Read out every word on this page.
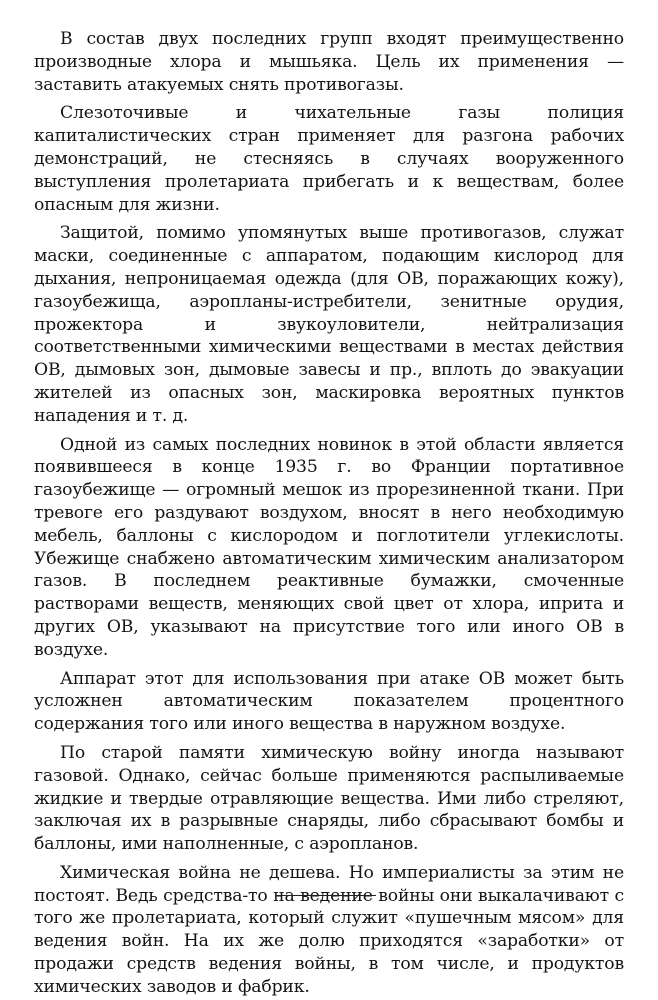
В состав двух последних групп входят преимущественно производные хлора и мышьяка. Цель их применения — заставить атакуемых снять противогазы.

Слезоточивые и чихательные газы полиция капиталистических стран применяет для разгона рабочих демонстраций, не стесняясь в случаях вооруженного выступления пролетариата прибегать и к веществам, более опасным для жизни.

Защитой, помимо упомянутых выше противогазов, служат маски, соединенные с аппаратом, подающим кислород для дыхания, непроницаемая одежда (для ОВ, поражающих кожу), газоубежища, аэропланы-истребители, зенитные орудия, прожектора и звукоуловители, нейтрализация соответственными химическими веществами в местах действия ОВ, дымовых зон, дымовые завесы и пр., вплоть до эвакуации жителей из опасных зон, маскировка вероятных пунктов нападения и т. д.

Одной из самых последних новинок в этой области является появившееся в конце 1935 г. во Франции портативное газоубежище — огромный мешок из прорезиненной ткани. При тревоге его раздувают воздухом, вносят в него необходимую мебель, баллоны с кислородом и поглотители углекислоты. Убежище снабжено автоматическим химическим анализатором газов. В последнем реактивные бумажки, смоченные растворами веществ, меняющих свой цвет от хлора, иприта и других ОВ, указывают на присутствие того или иного ОВ в воздухе.

Аппарат этот для использования при атаке ОВ может быть усложнен автоматическим показателем процентного содержания того или иного вещества в наружном воздухе.

По старой памяти химическую войну иногда называют газовой. Однако, сейчас больше применяются распыливаемые жидкие и твердые отравляющие вещества. Ими либо стреляют, заключая их в разрывные снаряды, либо сбрасывают бомбы и баллоны, ими наполненные, с аэропланов.

Химическая война не дешева. Но империалисты за этим не постоят. Ведь средства-то на ведение войны они выкалачивают с того же пролетариата, который служит «пушечным мясом» для ведения войн. На их же долю приходятся «заработки» от продажи средств ведения войны, в том числе, и продуктов химических заводов и фабрик.
